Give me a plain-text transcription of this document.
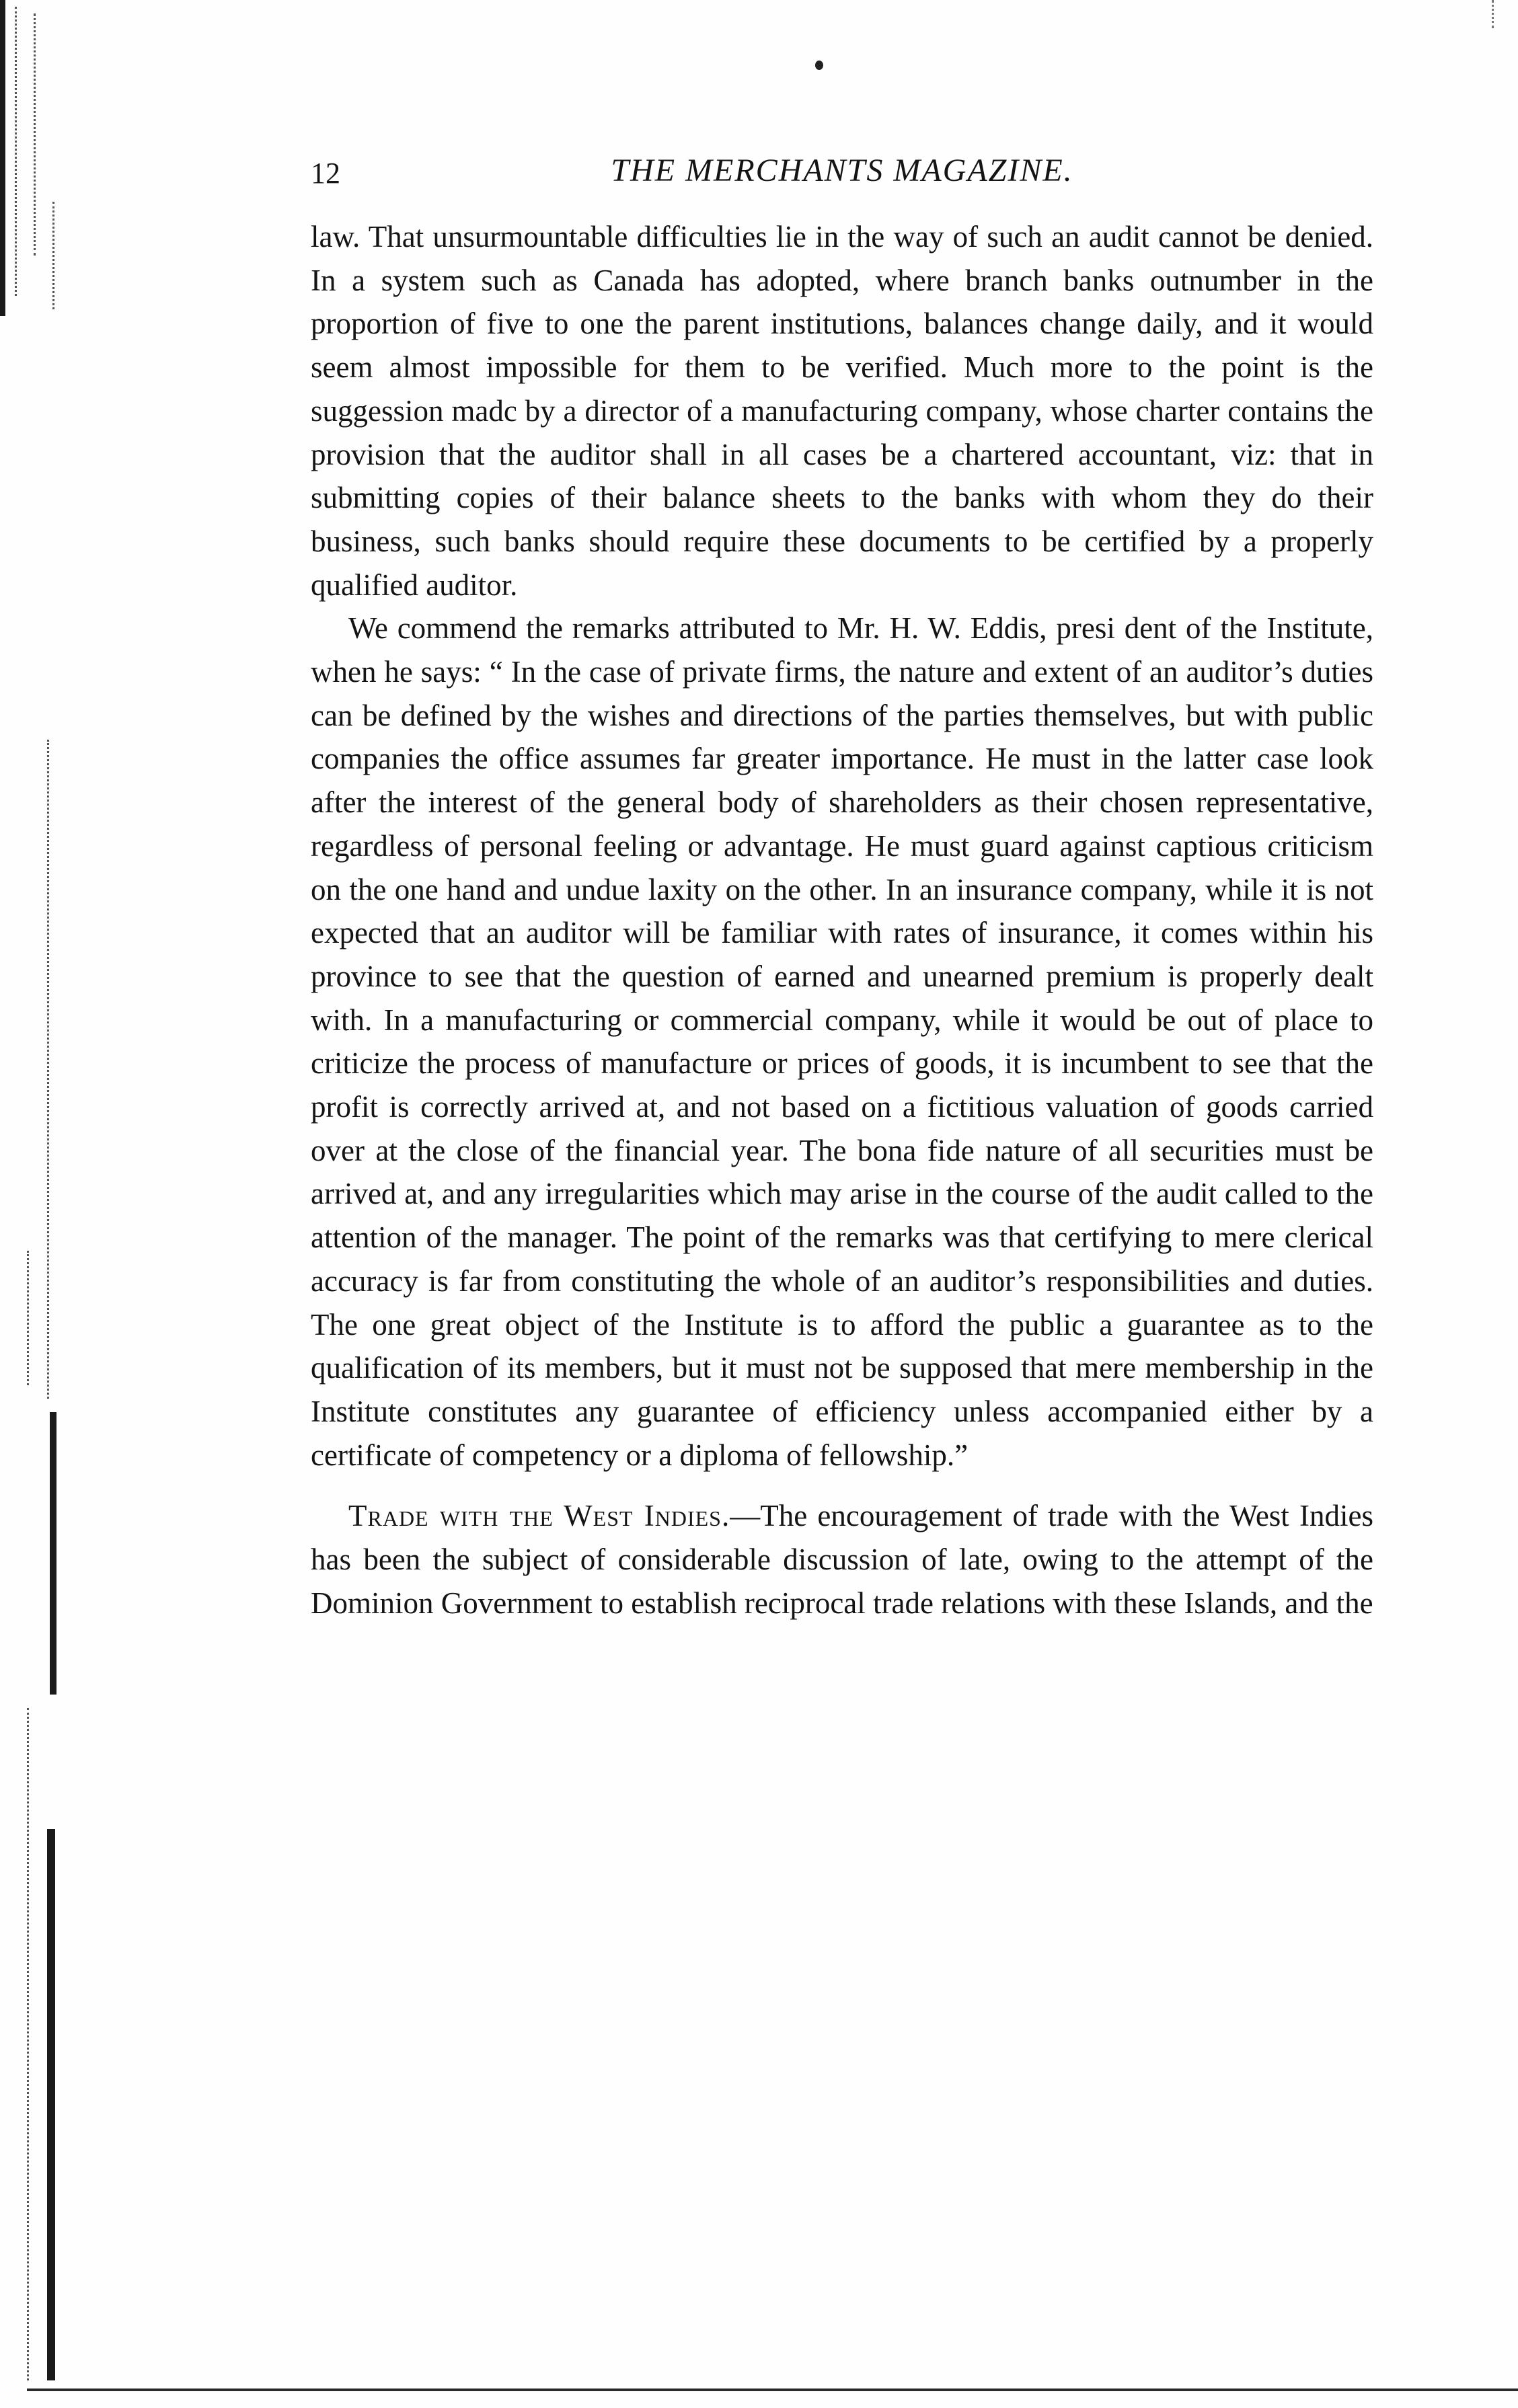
12	THE MERCHANTS MAGAZINE.

law. That unsurmountable difficulties lie in the way of such an audit cannot be denied. In a system such as Canada has adopted, where branch banks outnumber in the proportion of five to one the parent institutions, balances change daily, and it would seem almost impossible for them to be verified. Much more to the point is the suggession madc by a director of a manufacturing company, whose charter contains the provision that the auditor shall in all cases be a chartered accountant, viz: that in submitting copies of their balance sheets to the banks with whom they do their business, such banks should require these documents to be certified by a properly qualified auditor.

We commend the remarks attributed to Mr. H. W. Eddis, presi dent of the Institute, when he says: “ In the case of private firms, the nature and extent of an auditor’s duties can be defined by the wishes and directions of the parties themselves, but with public companies the office assumes far greater importance. He must in the latter case look after the interest of the general body of shareholders as their chosen representative, regardless of personal feeling or advantage. He must guard against captious criticism on the one hand and undue laxity on the other. In an insurance company, while it is not expected that an auditor will be familiar with rates of insurance, it comes within his province to see that the question of earned and unearned premium is properly dealt with. In a manufacturing or commercial company, while it would be out of place to criticize the process of manufacture or prices of goods, it is incumbent to see that the profit is correctly arrived at, and not based on a fictitious valuation of goods carried over at the close of the financial year. The bona fide nature of all securities must be arrived at, and any irregularities which may arise in the course of the audit called to the attention of the manager. The point of the remarks was that certifying to mere clerical accuracy is far from constituting the whole of an auditor’s responsibilities and duties. The one great object of the Institute is to afford the public a guarantee as to the qualification of its members, but it must not be supposed that mere membership in the Institute constitutes any guarantee of efficiency unless accompanied either by a certificate of competency or a diploma of fellowship.”

Trade with the West Indies.—The encouragement of trade with the West Indies has been the subject of considerable discussion of late, owing to the attempt of the Dominion Government to establish reciprocal trade relations with these Islands, and the
